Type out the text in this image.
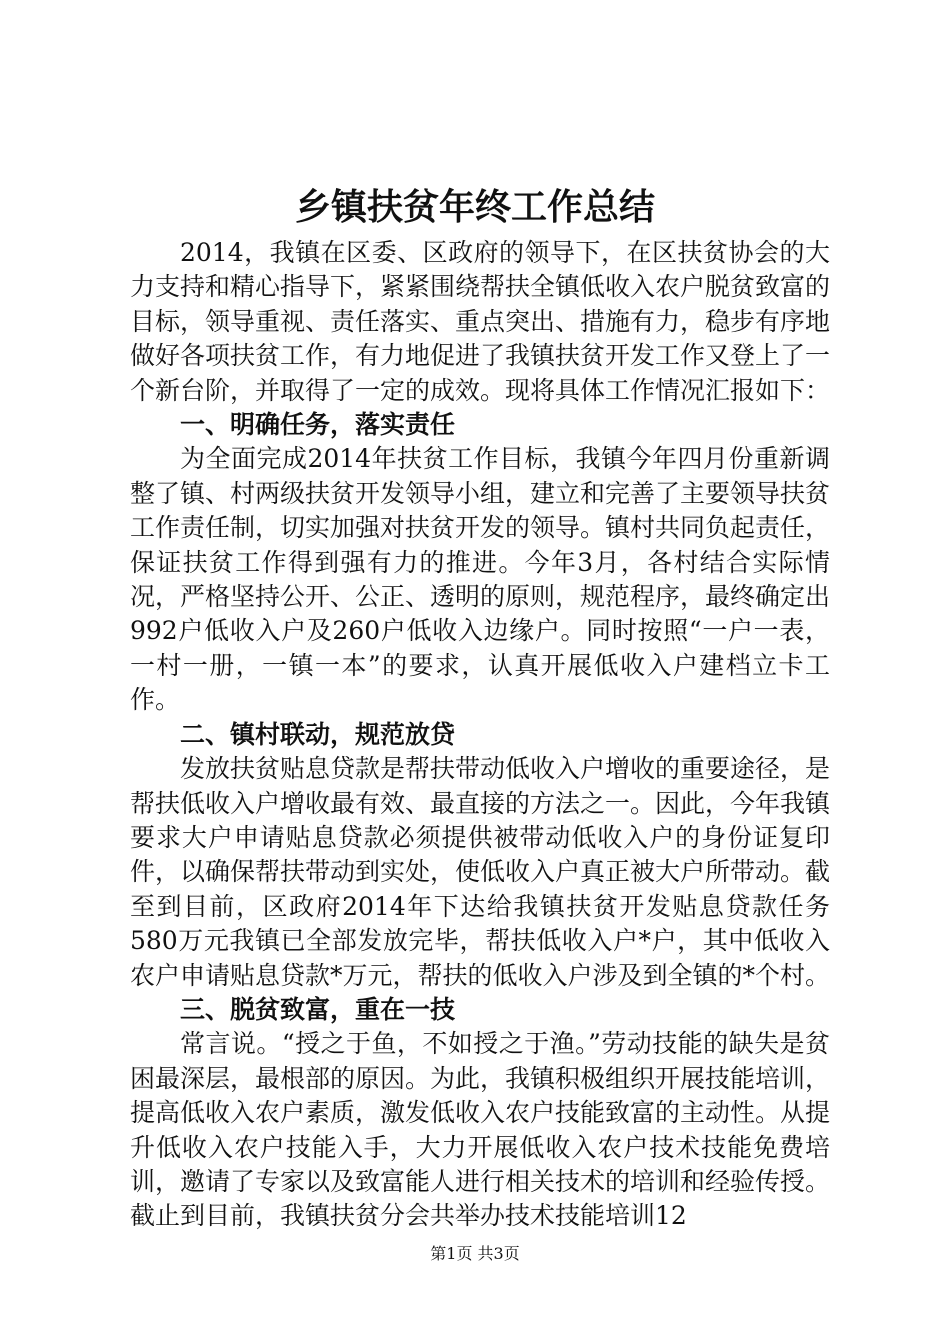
乡镇扶贫年终工作总结

2014，我镇在区委、区政府的领导下，在区扶贫协会的大力支持和精心指导下，紧紧围绕帮扶全镇低收入农户脱贫致富的目标，领导重视、责任落实、重点突出、措施有力，稳步有序地做好各项扶贫工作，有力地促进了我镇扶贫开发工作又登上了一个新台阶，并取得了一定的成效。现将具体工作情况汇报如下：

一、明确任务，落实责任

为全面完成2014年扶贫工作目标，我镇今年四月份重新调整了镇、村两级扶贫开发领导小组，建立和完善了主要领导扶贫工作责任制，切实加强对扶贫开发的领导。镇村共同负起责任，保证扶贫工作得到强有力的推进。今年3月，各村结合实际情况，严格坚持公开、公正、透明的原则，规范程序，最终确定出992户低收入户及260户低收入边缘户。同时按照“一户一表，一村一册，一镇一本”的要求，认真开展低收入户建档立卡工作。

二、镇村联动，规范放贷

发放扶贫贴息贷款是帮扶带动低收入户增收的重要途径，是帮扶低收入户增收最有效、最直接的方法之一。因此，今年我镇要求大户申请贴息贷款必须提供被带动低收入户的身份证复印件，以确保帮扶带动到实处，使低收入户真正被大户所带动。截至到目前，区政府2014年下达给我镇扶贫开发贴息贷款任务580万元我镇已全部发放完毕，帮扶低收入户*户，其中低收入农户申请贴息贷款*万元，帮扶的低收入户涉及到全镇的*个村。

三、脱贫致富，重在一技

常言说。“授之于鱼，不如授之于渔。”劳动技能的缺失是贫困最深层，最根部的原因。为此，我镇积极组织开展技能培训，提高低收入农户素质，激发低收入农户技能致富的主动性。从提升低收入农户技能入手，大力开展低收入农户技术技能免费培训，邀请了专家以及致富能人进行相关技术的培训和经验传授。截止到目前，我镇扶贫分会共举办技术技能培训12

第1页 共3页
